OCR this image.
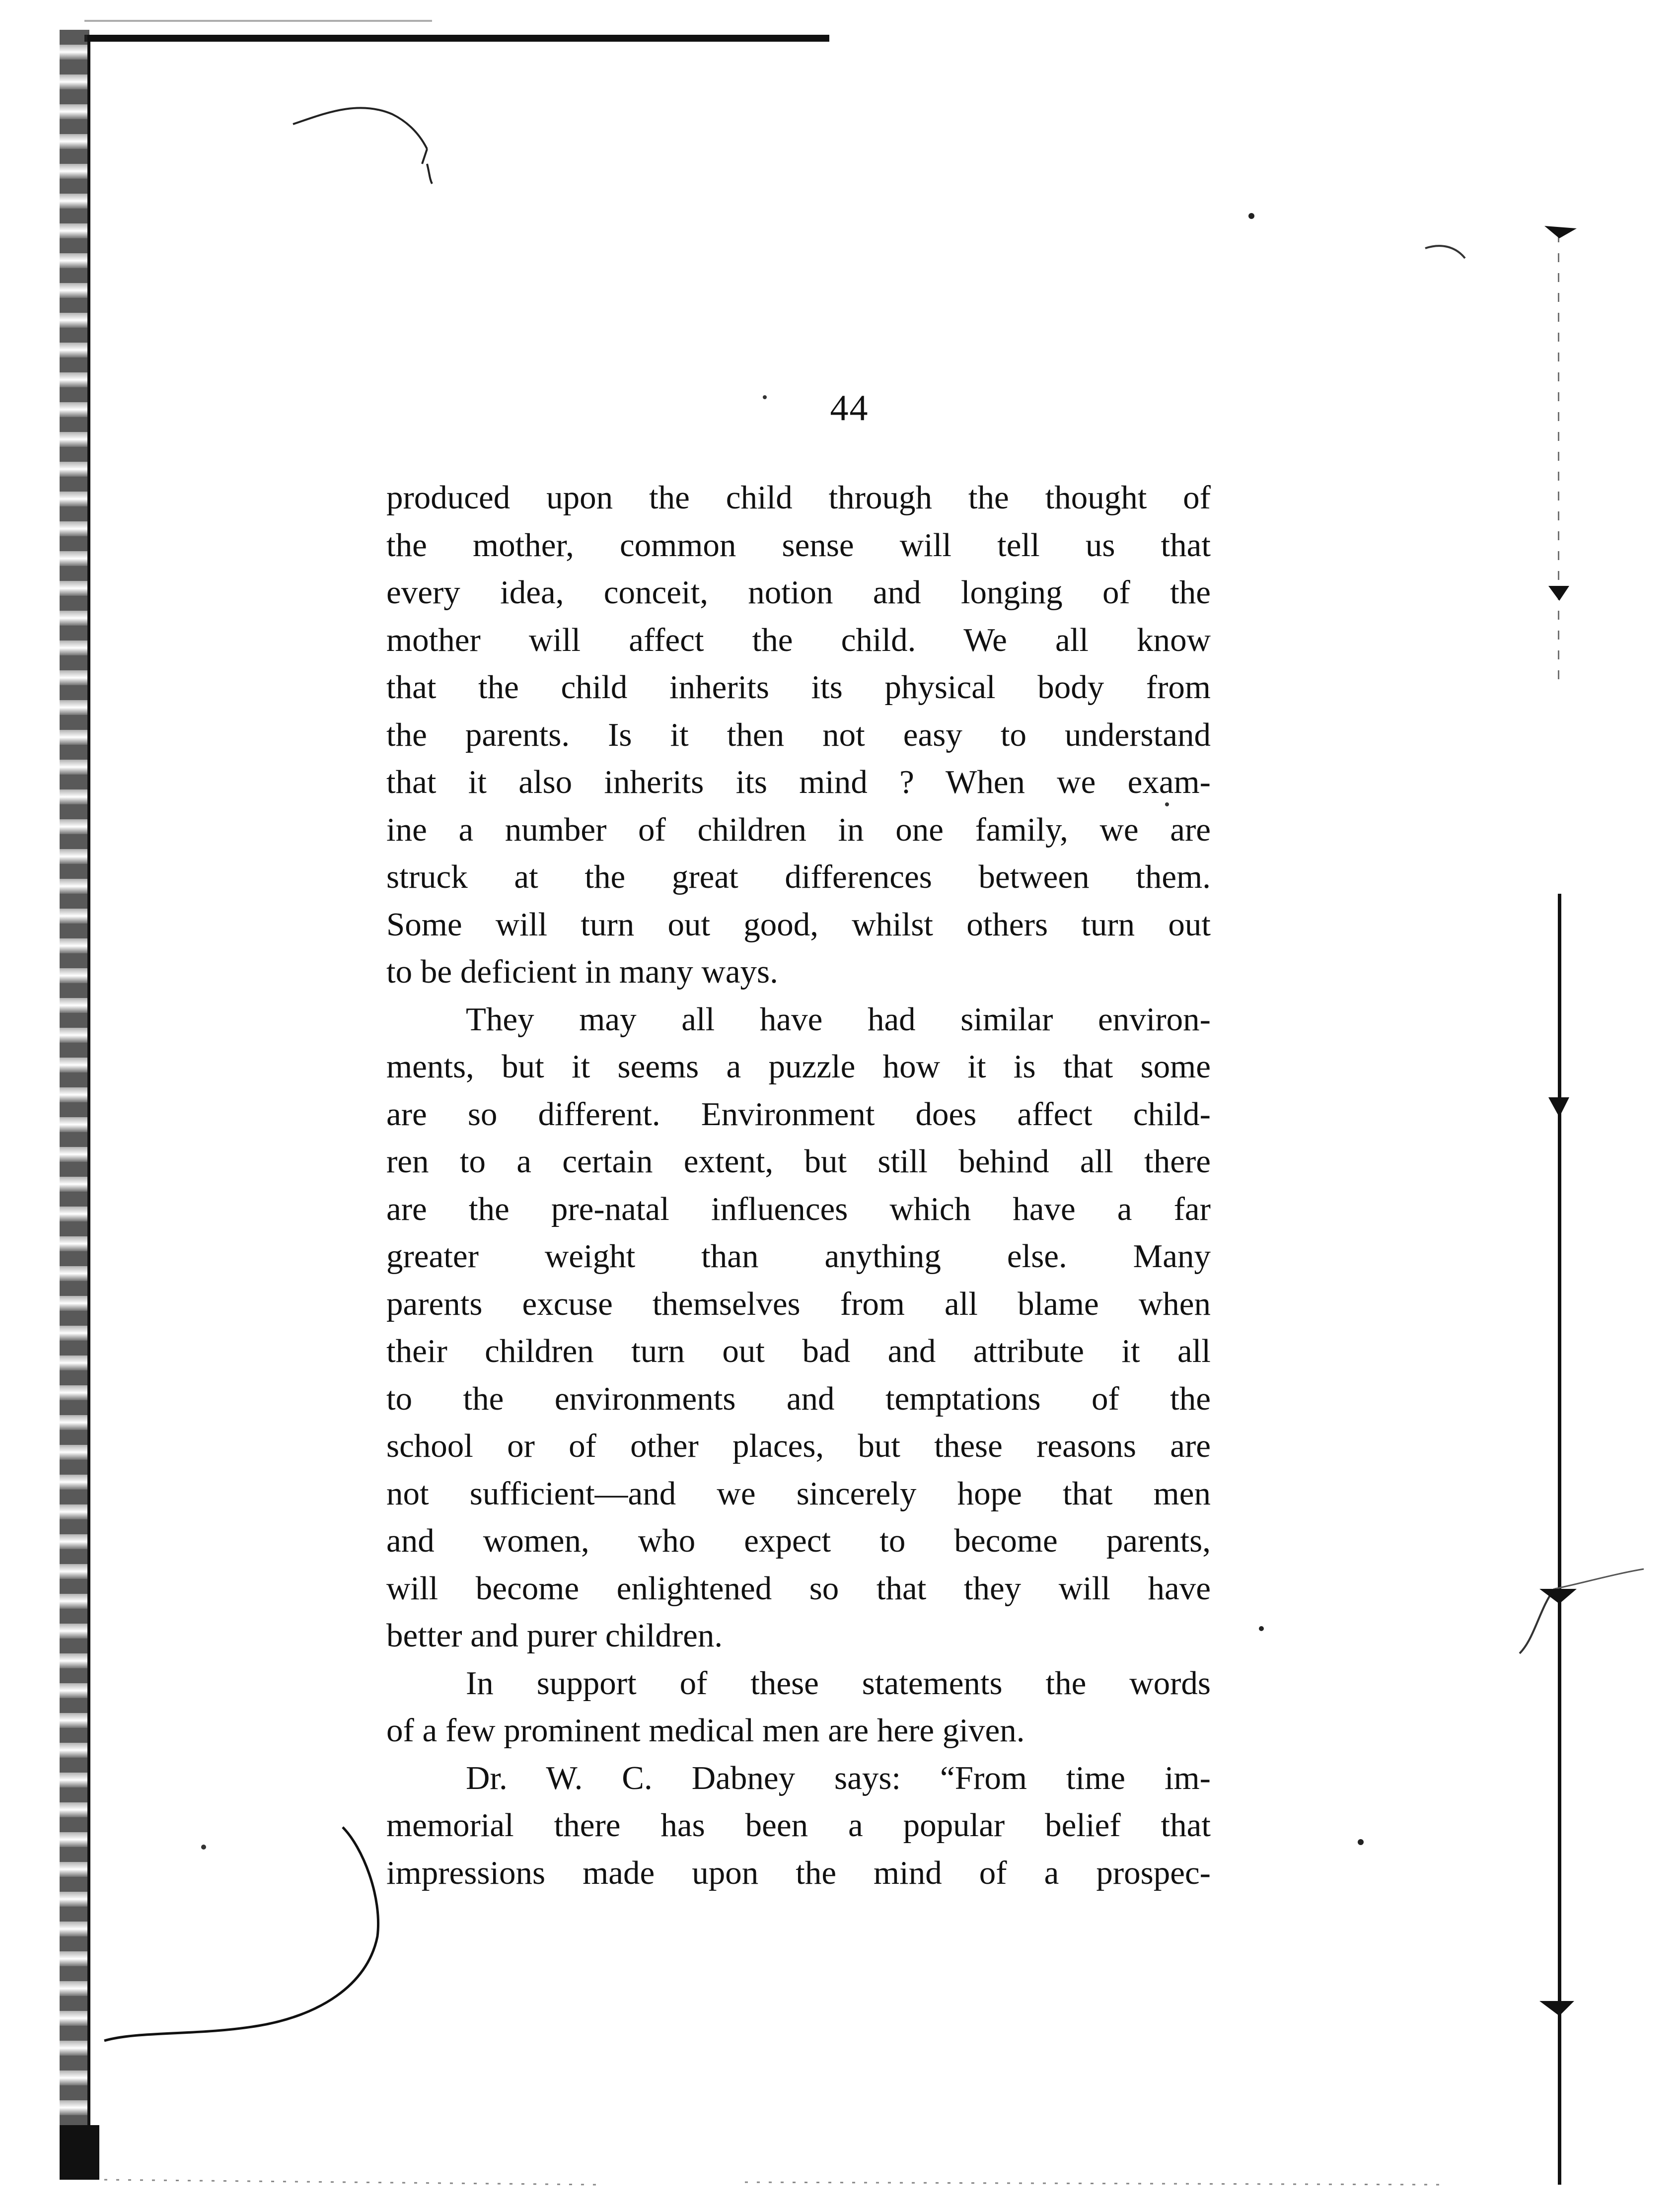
44
produced upon the child through the thought of
the mother, common sense will tell us that
every idea, conceit, notion and longing of the
mother will affect the child. We all know
that the child inherits its physical body from
the parents. Is it then not easy to understand
that it also inherits its mind ? When we exam-
ine a number of children in one family, we are
struck at the great differences between them.
Some will turn out good, whilst others turn out
to be deficient in many ways.
They may all have had similar environ-
ments, but it seems a puzzle how it is that some
are so different. Environment does affect child-
ren to a certain extent, but still behind all there
are the pre-natal influences which have a far
greater weight than anything else. Many
parents excuse themselves from all blame when
their children turn out bad and attribute it all
to the environments and temptations of the
school or of other places, but these reasons are
not sufficient—and we sincerely hope that men
and women, who expect to become parents,
will become enlightened so that they will have
better and purer children.
In support of these statements the words
of a few prominent medical men are here given.
Dr. W. C. Dabney says: “From time im-
memorial there has been a popular belief that
impressions made upon the mind of a prospec-
